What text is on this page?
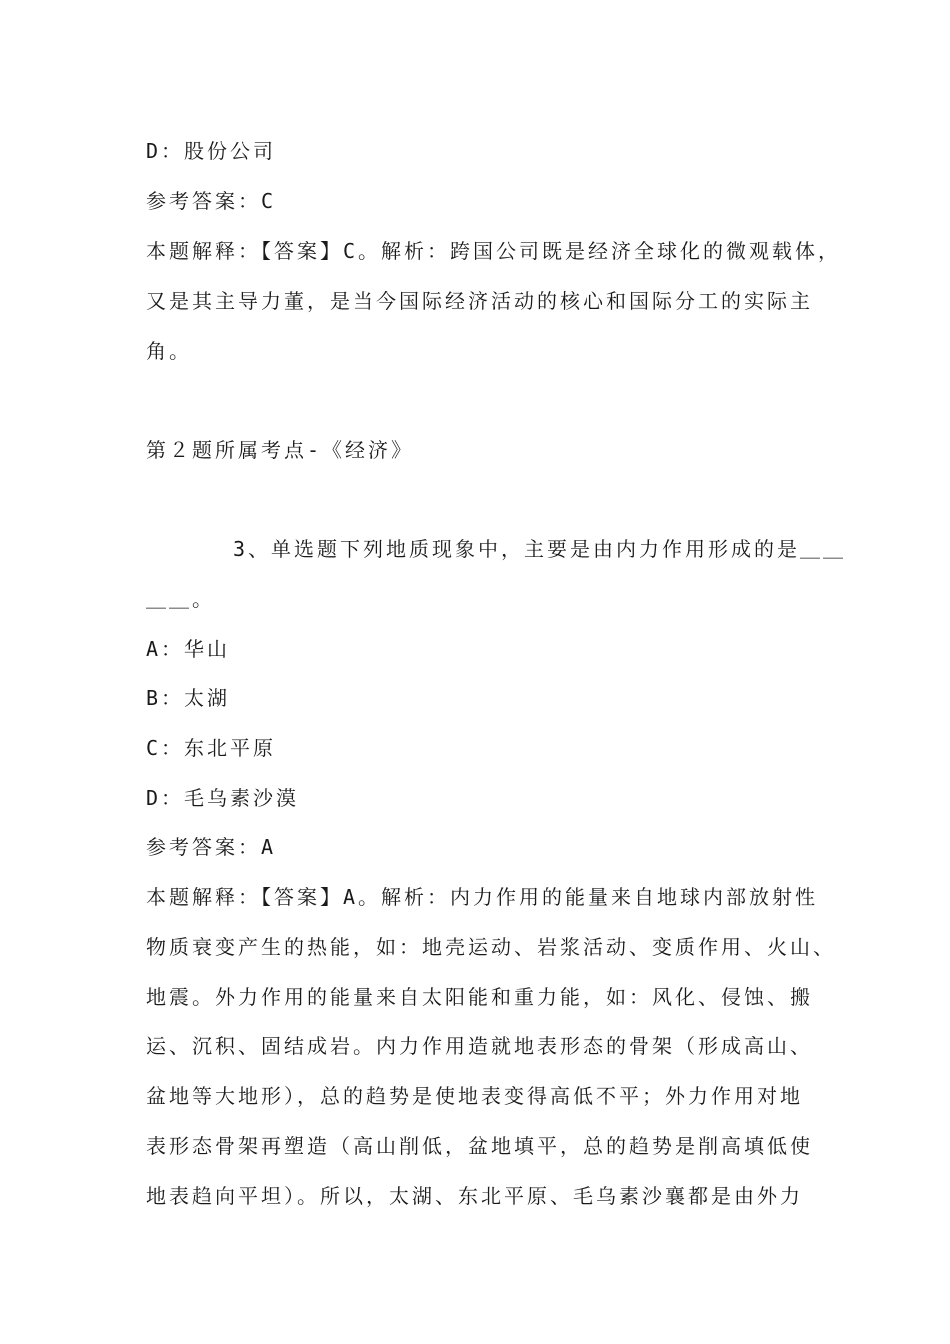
D：股份公司
参考答案：C
本题解释：【答案】C。解析：跨国公司既是经济全球化的微观载体，
又是其主导力董，是当今国际经济活动的核心和国际分工的实际主
角。
第２题所属考点-《经济》
3、单选题下列地质现象中，主要是由内力作用形成的是＿＿
＿＿。
A：华山
B：太湖
C：东北平原
D：毛乌素沙漠
参考答案：A
本题解释：【答案】A。解析：内力作用的能量来自地球内部放射性
物质衰变产生的热能，如：地壳运动、岩浆活动、变质作用、火山、
地震。外力作用的能量来自太阳能和重力能，如：风化、侵蚀、搬
运、沉积、固结成岩。内力作用造就地表形态的骨架（形成高山、
盆地等大地形），总的趋势是使地表变得高低不平；外力作用对地
表形态骨架再塑造（高山削低，盆地填平，总的趋势是削高填低使
地表趋向平坦）。所以，太湖、东北平原、毛乌素沙襄都是由外力
